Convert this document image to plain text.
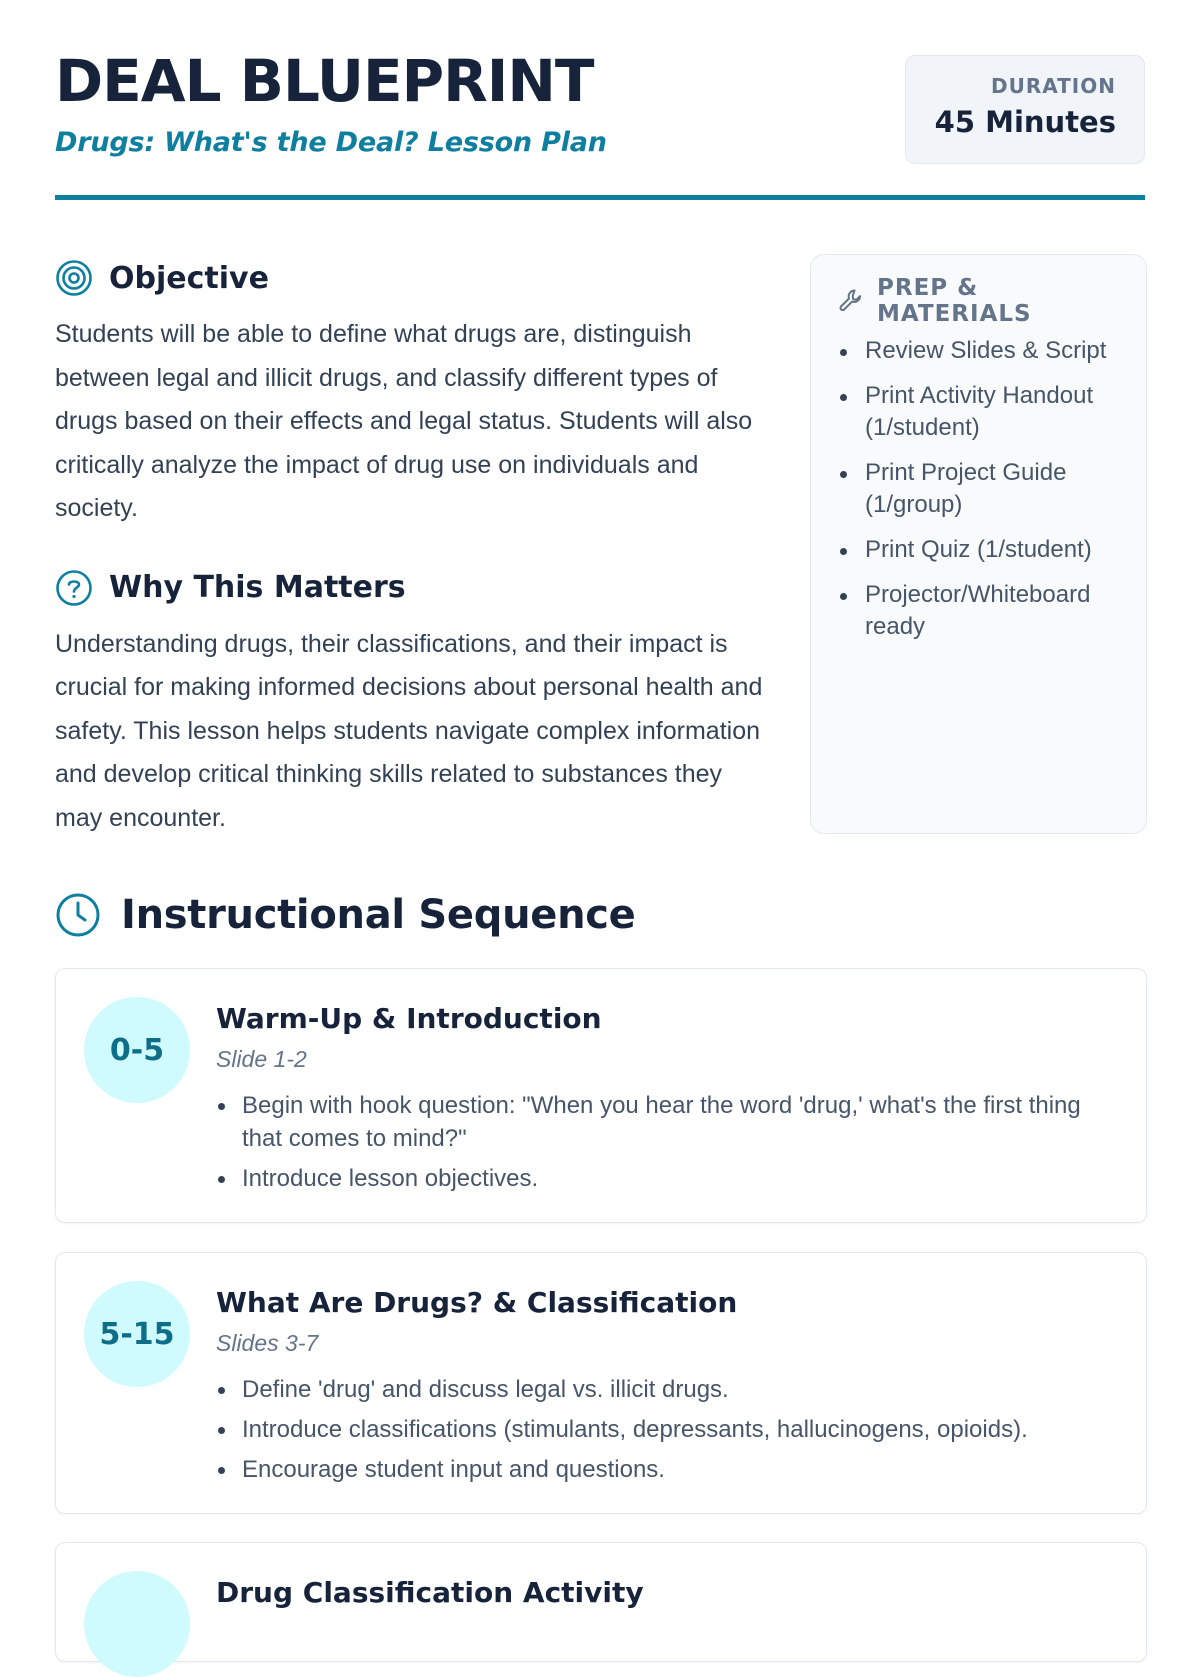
DEAL BLUEPRINT
Drugs: What's the Deal? Lesson Plan
DURATION
45 Minutes
Objective

Students will be able to define what drugs are, distinguish between legal and illicit drugs, and classify different types of drugs based on their effects and legal status. Students will also critically analyze the impact of drug use on individuals and society.

Why This Matters

Understanding drugs, their classifications, and their impact is crucial for making informed decisions about personal health and safety. This lesson helps students navigate complex information and develop critical thinking skills related to substances they may encounter.

PREP & MATERIALS
Review Slides & Script
Print Activity Handout (1/student)
Print Project Guide (1/group)
Print Quiz (1/student)
Projector/Whiteboard ready
Instructional Sequence
0-5
Warm-Up & Introduction
Slide 1-2
Begin with hook question: "When you hear the word 'drug,' what's the first thing that comes to mind?"
Introduce lesson objectives.
5-15
What Are Drugs? & Classification
Slides 3-7
Define 'drug' and discuss legal vs. illicit drugs.
Introduce classifications (stimulants, depressants, hallucinogens, opioids).
Encourage student input and questions.
Drug Classification Activity
